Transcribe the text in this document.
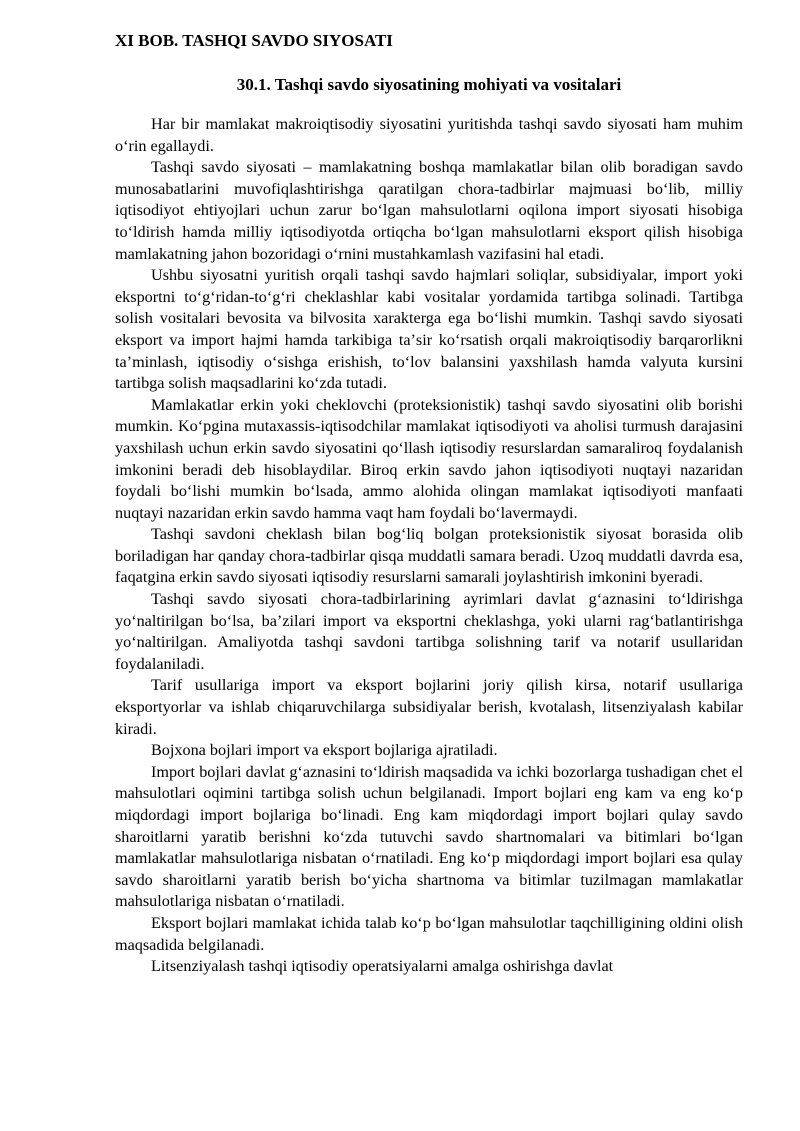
XI BOB. TASHQI SAVDO SIYOSATI
30.1. Tashqi savdo siyosatining mohiyati va vositalari

Har bir mamlakat makroiqtisodiy siyosatini yuritishda tashqi savdo siyosati ham muhim oʻrin egallaydi.

Tashqi savdo siyosati – mamlakatning boshqa mamlakatlar bilan olib boradigan savdo munosabatlarini muvofiqlashtirishga qaratilgan chora-tadbirlar majmuasi boʻlib, milliy iqtisodiyot ehtiyojlari uchun zarur boʻlgan mahsulotlarni oqilona import siyosati hisobiga toʻldirish hamda milliy iqtisodiyotda ortiqcha boʻlgan mahsulotlarni eksport qilish hisobiga mamlakatning jahon bozoridagi oʻrnini mustahkamlash vazifasini hal etadi.

Ushbu siyosatni yuritish orqali tashqi savdo hajmlari soliqlar, subsidiyalar, import yoki eksportni toʻgʻridan-toʻgʻri cheklashlar kabi vositalar yordamida tartibga solinadi. Tartibga solish vositalari bevosita va bilvosita xarakterga ega boʻlishi mumkin. Tashqi savdo siyosati eksport va import hajmi hamda tarkibiga taʼsir koʻrsatish orqali makroiqtisodiy barqarorlikni taʼminlash, iqtisodiy oʻsishga erishish, toʻlov balansini yaxshilash hamda valyuta kursini tartibga solish maqsadlarini koʻzda tutadi.

Mamlakatlar erkin yoki cheklovchi (proteksionistik) tashqi savdo siyosatini olib borishi mumkin. Koʻpgina mutaxassis-iqtisodchilar mamlakat iqtisodiyoti va aholisi turmush darajasini yaxshilash uchun erkin savdo siyosatini qoʻllash iqtisodiy resurslardan samaraliroq foydalanish imkonini beradi deb hisoblaydilar. Biroq erkin savdo jahon iqtisodiyoti nuqtayi nazaridan foydali boʻlishi mumkin boʻlsada, ammo alohida olingan mamlakat iqtisodiyoti manfaati nuqtayi nazaridan erkin savdo hamma vaqt ham foydali boʻlavermaydi.

Tashqi savdoni cheklash bilan bogʻliq bolgan proteksionistik siyosat borasida olib boriladigan har qanday chora-tadbirlar qisqa muddatli samara beradi. Uzoq muddatli davrda esa, faqatgina erkin savdo siyosati iqtisodiy resurslarni samarali joylashtirish imkonini byeradi.

Tashqi savdo siyosati chora-tadbirlarining ayrimlari davlat gʻaznasini toʻldirishga yoʻnaltirilgan boʻlsa, baʼzilari import va eksportni cheklashga, yoki ularni ragʻbatlantirishga yoʻnaltirilgan. Amaliyotda tashqi savdoni tartibga solishning tarif va notarif usullaridan foydalaniladi.

Tarif usullariga import va eksport bojlarini joriy qilish kirsa, notarif usullariga eksportyorlar va ishlab chiqaruvchilarga subsidiyalar berish, kvotalash, litsenziyalash kabilar kiradi.

Bojxona bojlari import va eksport bojlariga ajratiladi.

Import bojlari davlat gʻaznasini toʻldirish maqsadida va ichki bozorlarga tushadigan chet el mahsulotlari oqimini tartibga solish uchun belgilanadi. Import bojlari eng kam va eng koʻp miqdordagi import bojlariga boʻlinadi. Eng kam miqdordagi import bojlari qulay savdo sharoitlarni yaratib berishni koʻzda tutuvchi savdo shartnomalari va bitimlari boʻlgan mamlakatlar mahsulotlariga nisbatan oʻrnatiladi. Eng koʻp miqdordagi import bojlari esa qulay savdo sharoitlarni yaratib berish boʻyicha shartnoma va bitimlar tuzilmagan mamlakatlar mahsulotlariga nisbatan oʻrnatiladi.

Eksport bojlari mamlakat ichida talab koʻp boʻlgan mahsulotlar taqchilligining oldini olish maqsadida belgilanadi.

Litsenziyalash tashqi iqtisodiy operatsiyalarni amalga oshirishga davlat
